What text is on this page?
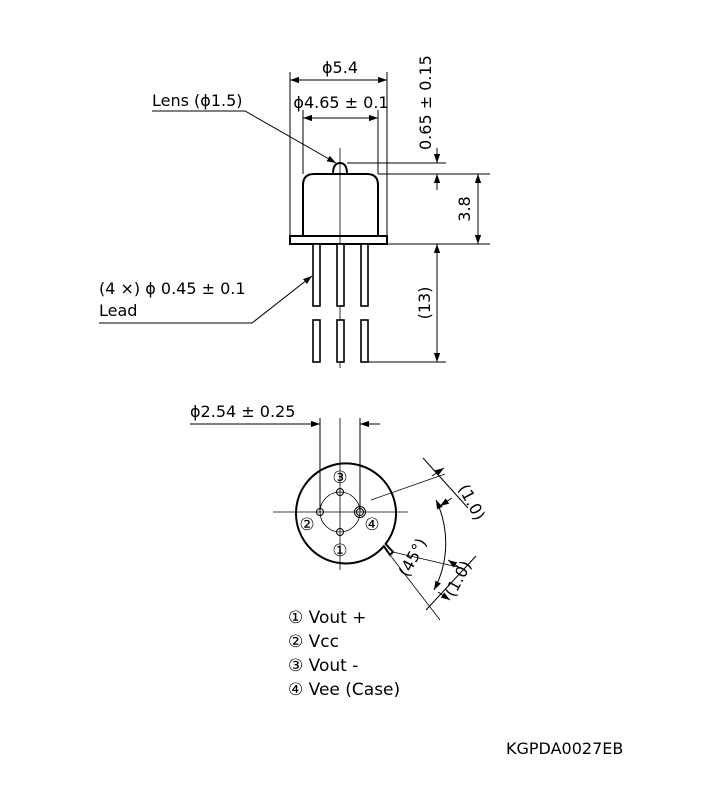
ϕ5.4
ϕ4.65 ± 0.1
Lens (ϕ1.5)	0.65 ± 0.15
3.8
(13)
(4 ×) ϕ 0.45 ± 0.1
Lead
①
②
③
④
ϕ2.54 ± 0.25
(1.0)
(45°) (1.0)
① Vout +
② Vcc
③ Vout -
④ Vee (Case)
KGPDA0027EB
